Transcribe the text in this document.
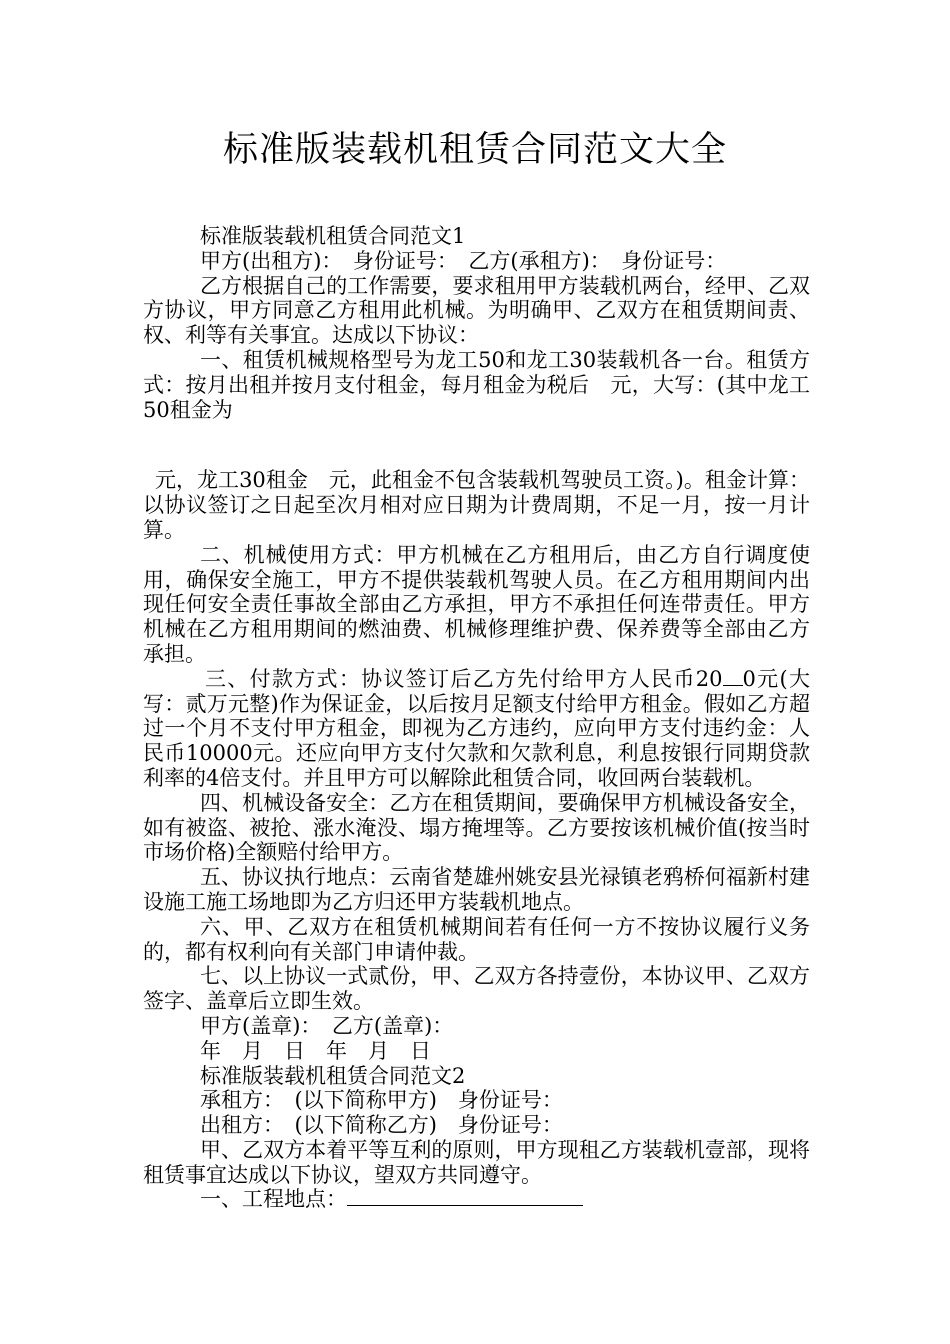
标准版装载机租赁合同范文大全

标准版装载机租赁合同范文1

甲方(出租方)：　身份证号：　乙方(承租方)：　身份证号：

乙方根据自己的工作需要，要求租用甲方装载机两台，经甲、乙双方协议，甲方同意乙方租用此机械。为明确甲、乙双方在租赁期间责、权、利等有关事宜。达成以下协议：

一、租赁机械规格型号为龙工50和龙工30装载机各一台。租赁方式：按月出租并按月支付租金，每月租金为税后　元，大写：(其中龙工50租金为

元，龙工30租金　元，此租金不包含装载机驾驶员工资。)。租金计算：以协议签订之日起至次月相对应日期为计费周期，不足一月，按一月计算。

二、机械使用方式：甲方机械在乙方租用后，由乙方自行调度使用，确保安全施工，甲方不提供装载机驾驶人员。在乙方租用期间内出现任何安全责任事故全部由乙方承担，甲方不承担任何连带责任。甲方机械在乙方租用期间的燃油费、机械修理维护费、保养费等全部由乙方承担。

三、付款方式：协议签订后乙方先付给甲方人民币20 0元(大写：贰万元整)作为保证金，以后按月足额支付给甲方租金。假如乙方超过一个月不支付甲方租金，即视为乙方违约，应向甲方支付违约金：人民币10000元。还应向甲方支付欠款和欠款利息，利息按银行同期贷款利率的4倍支付。并且甲方可以解除此租赁合同，收回两台装载机。

四、机械设备安全：乙方在租赁期间，要确保甲方机械设备安全，如有被盗、被抢、涨水淹没、塌方掩埋等。乙方要按该机械价值(按当时市场价格)全额赔付给甲方。

五、协议执行地点：云南省楚雄州姚安县光禄镇老鸦桥何福新村建设施工施工场地即为乙方归还甲方装载机地点。

六、甲、乙双方在租赁机械期间若有任何一方不按协议履行义务的，都有权利向有关部门申请仲裁。

七、以上协议一式贰份，甲、乙双方各持壹份，本协议甲、乙双方签字、盖章后立即生效。

甲方(盖章)：　乙方(盖章)：

年　月　日　年　月　日

标准版装载机租赁合同范文2

承租方：　(以下简称甲方)　身份证号：

出租方：　(以下简称乙方)　身份证号：

甲、乙双方本着平等互利的原则，甲方现租乙方装载机壹部，现将租赁事宜达成以下协议，望双方共同遵守。

一、工程地点：
